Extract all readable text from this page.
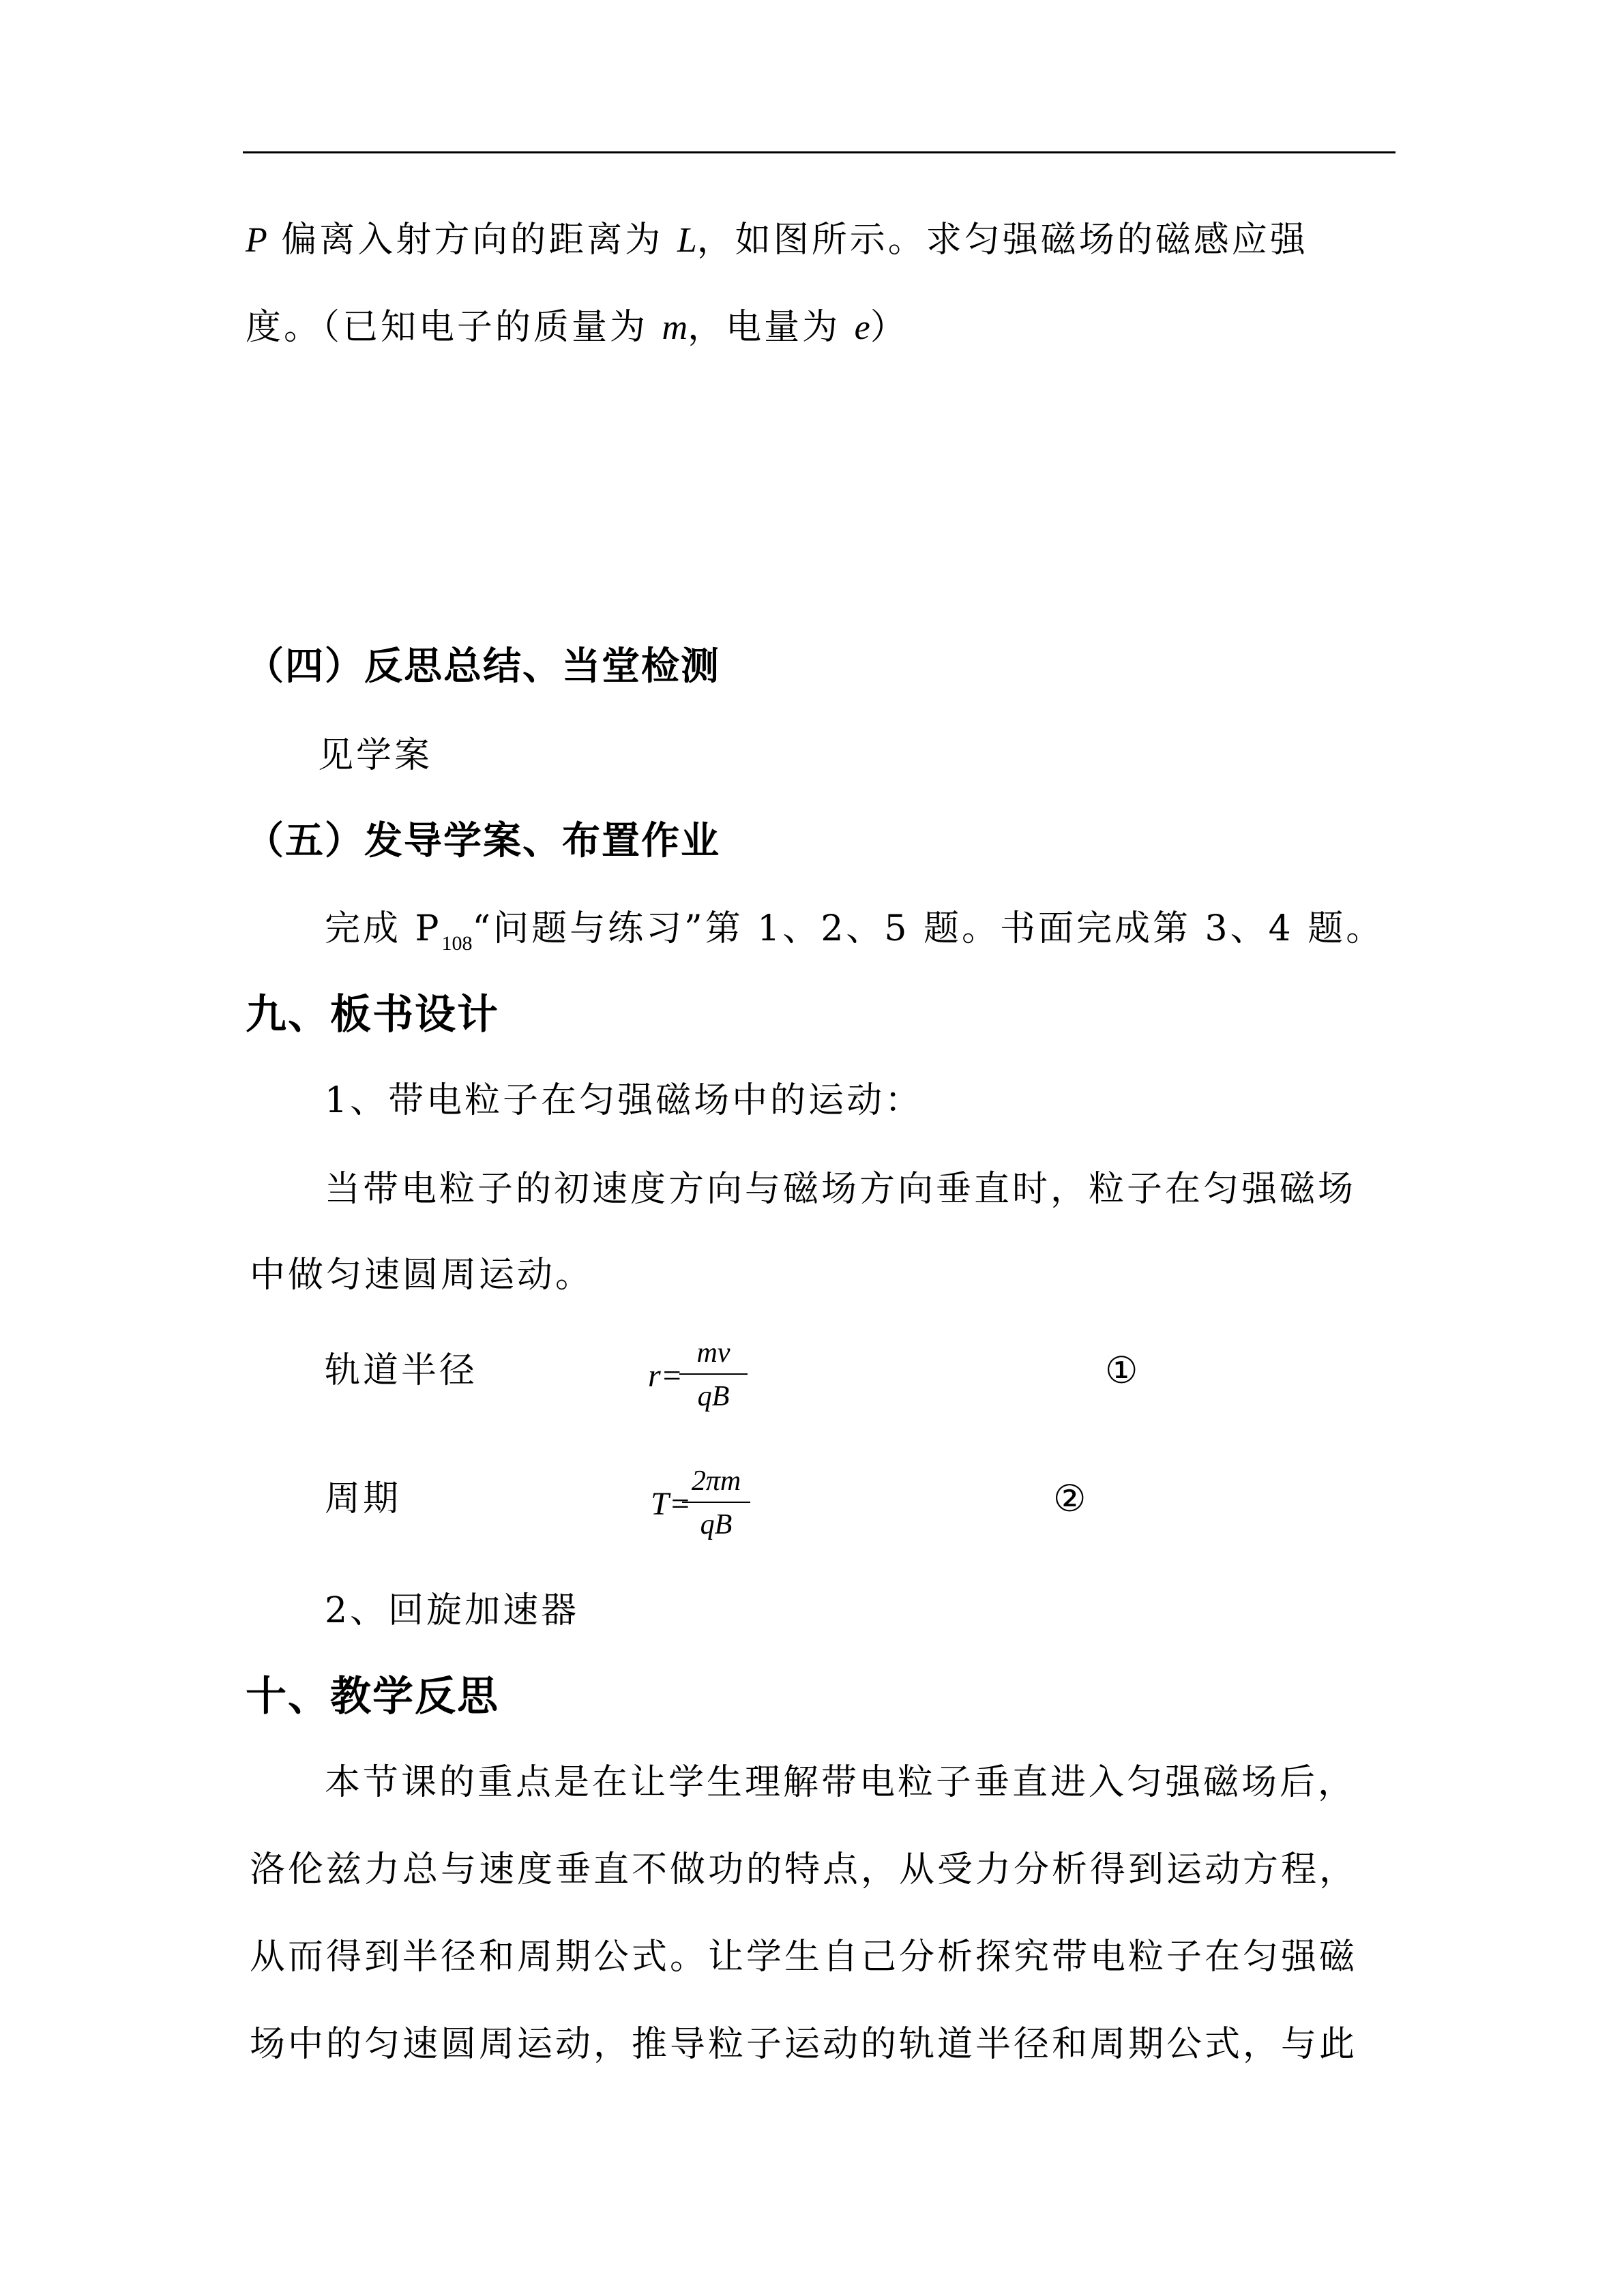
P 偏离入射方向的距离为 L，如图所示。求匀强磁场的磁感应强
度。（已知电子的质量为 m，电量为 e）
（四）反思总结、当堂检测
见学案
（五）发导学案、布置作业
完成 $P_{108}“$问题与练习”第 1、2、5 题。书面完成第 3、4 题。
九、板书设计
1、带电粒子在匀强磁场中的运动：
当带电粒子的初速度方向与磁场方向垂直时，粒子在匀强磁场
中做匀速圆周运动。
轨道半径	r=
mv
qB
①
周期	T=
2πm
qB
②
2、回旋加速器
十、教学反思
本节课的重点是在让学生理解带电粒子垂直进入匀强磁场后，
洛伦兹力总与速度垂直不做功的特点，从受力分析得到运动方程，
从而得到半径和周期公式。让学生自己分析探究带电粒子在匀强磁
场中的匀速圆周运动，推导粒子运动的轨道半径和周期公式，与此
